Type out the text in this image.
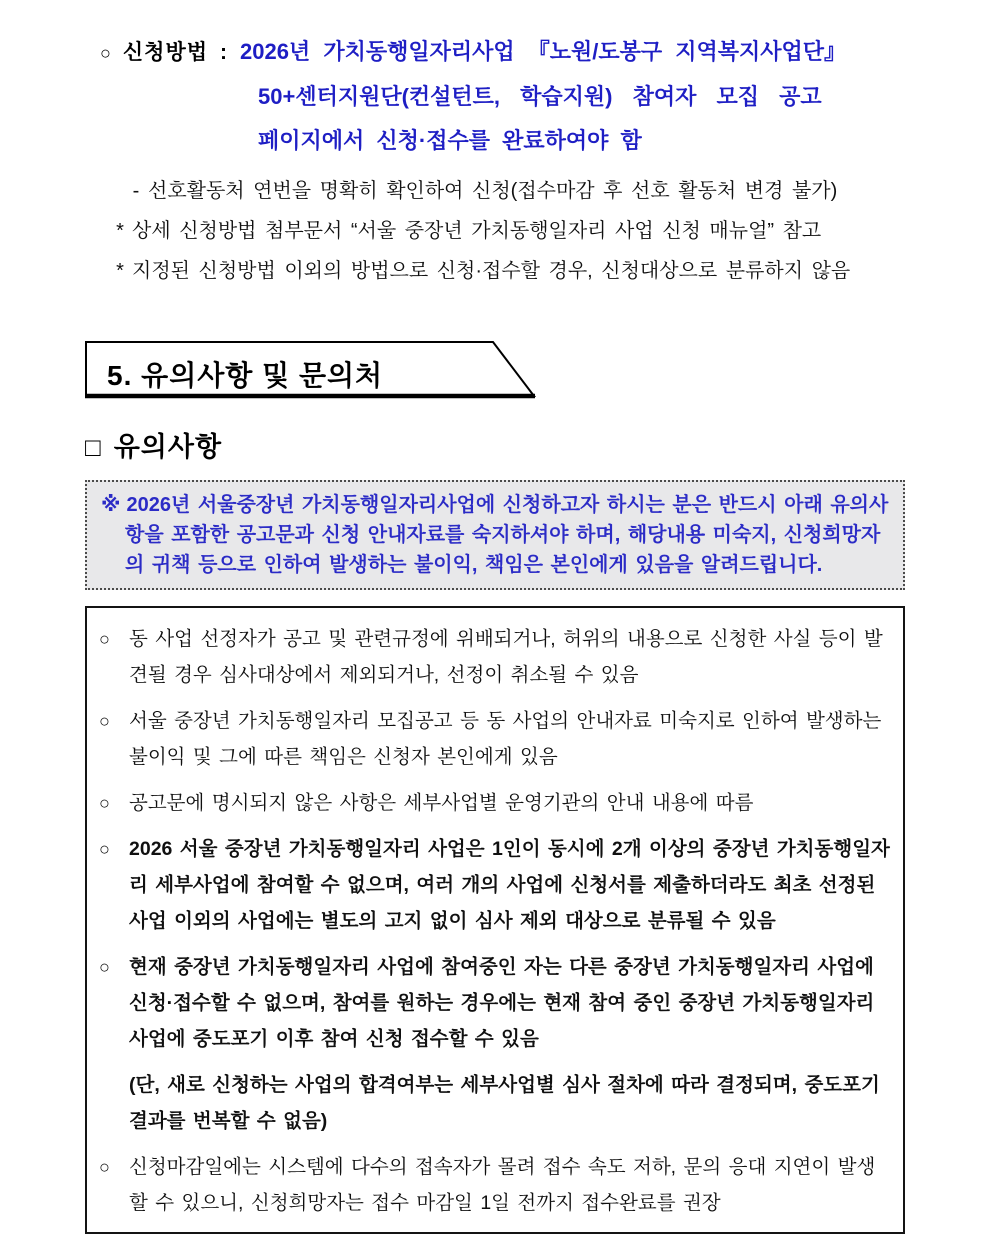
○ 신청방법 : 2026년 가치동행일자리사업 『노원/도봉구 지역복지사업단』
50+센터지원단(컨설턴트, 학습지원) 참여자 모집 공고
페이지에서 신청·접수를 완료하여야 함
- 선호활동처 연번을 명확히 확인하여 신청(접수마감 후 선호 활동처 변경 불가)
* 상세 신청방법 첨부문서 “서울 중장년 가치동행일자리 사업 신청 매뉴얼” 참고
* 지정된 신청방법 이외의 방법으로 신청·접수할 경우, 신청대상으로 분류하지 않음
5. 유의사항 및 문의처
□ 유의사항
※ 2026년 서울중장년 가치동행일자리사업에 신청하고자 하시는 분은 반드시 아래 유의사항을 포함한 공고문과 신청 안내자료를 숙지하셔야 하며, 해당내용 미숙지, 신청희망자의 귀책 등으로 인하여 발생하는 불이익, 책임은 본인에게 있음을 알려드립니다.

○ 동 사업 선정자가 공고 및 관련규정에 위배되거나, 허위의 내용으로 신청한 사실 등이 발견될 경우 심사대상에서 제외되거나, 선정이 취소될 수 있음

○ 서울 중장년 가치동행일자리 모집공고 등 동 사업의 안내자료 미숙지로 인하여 발생하는 불이익 및 그에 따른 책임은 신청자 본인에게 있음

○ 공고문에 명시되지 않은 사항은 세부사업별 운영기관의 안내 내용에 따름

○ 2026 서울 중장년 가치동행일자리 사업은 1인이 동시에 2개 이상의 중장년 가치동행일자리 세부사업에 참여할 수 없으며, 여러 개의 사업에 신청서를 제출하더라도 최초 선정된 사업 이외의 사업에는 별도의 고지 없이 심사 제외 대상으로 분류될 수 있음

○ 현재 중장년 가치동행일자리 사업에 참여중인 자는 다른 중장년 가치동행일자리 사업에 신청·접수할 수 없으며, 참여를 원하는 경우에는 현재 참여 중인 중장년 가치동행일자리 사업에 중도포기 이후 참여 신청 접수할 수 있음

(단, 새로 신청하는 사업의 합격여부는 세부사업별 심사 절차에 따라 결정되며, 중도포기 결과를 번복할 수 없음)

○ 신청마감일에는 시스템에 다수의 접속자가 몰려 접수 속도 저하, 문의 응대 지연이 발생할 수 있으니, 신청희망자는 접수 마감일 1일 전까지 접수완료를 권장
